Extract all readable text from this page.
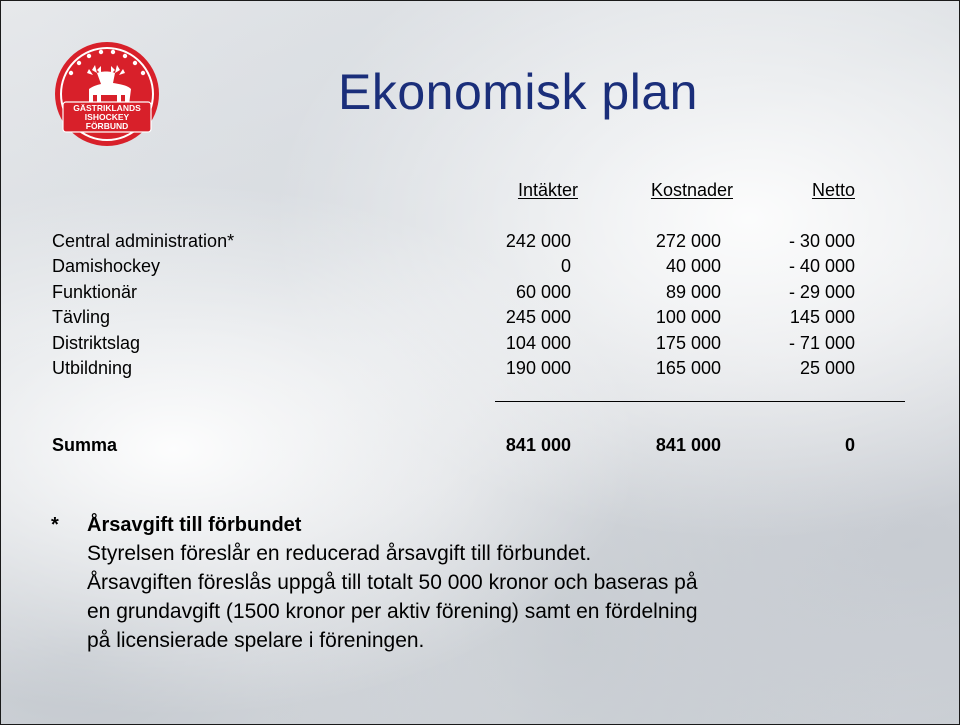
GÄSTRIKLANDS
ISHOCKEY
FÖRBUND
Ekonomisk plan
Intäkter	Kostnader	Netto
Central administration*	242 000	272 000	- 30 000
Damishockey	0	40 000	- 40 000
Funktionär	60 000	89 000	- 29 000
Tävling	245 000	100 000	145 000
Distriktslag	104 000	175 000	- 71 000
Utbildning	190 000	165 000	25 000
Summa	841 000	841 000	0
*	Årsavgift till förbundet
Styrelsen föreslår en reducerad årsavgift till förbundet.
Årsavgiften föreslås uppgå till totalt 50 000 kronor och baseras på
en grundavgift (1500 kronor per aktiv förening) samt en fördelning
på licensierade spelare i föreningen.
